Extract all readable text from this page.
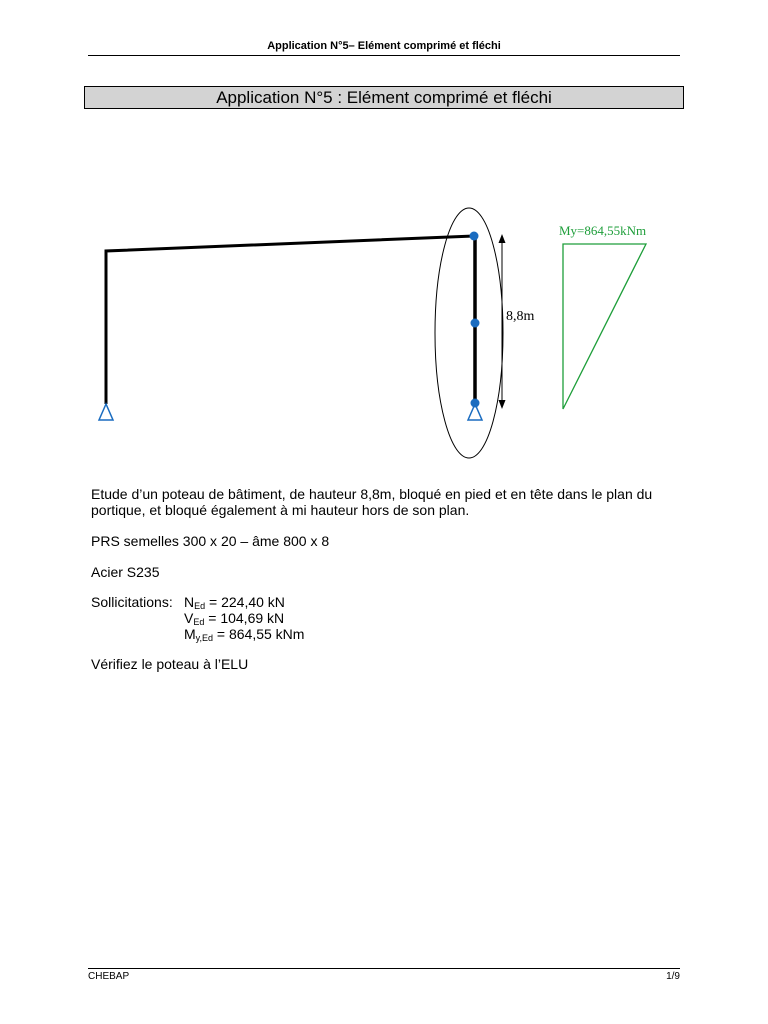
Application N°5– Elément comprimé et fléchi
Application N°5 : Elément comprimé et fléchi
8,8m
My=864,55kNm
Etude d’un poteau de bâtiment, de hauteur 8,8m, bloqué en pied et en tête dans le plan du portique, et bloqué également à mi hauteur hors de son plan.
PRS semelles 300 x 20 – âme 800 x 8
Acier S235
Sollicitations: $N_{Ed} = 224,40$ kN
$V_{Ed} = 104,69$ kN
$M_{y,Ed} = 864,55$ kNm
Vérifiez le poteau à l’ELU
CHEBAP	1/9
